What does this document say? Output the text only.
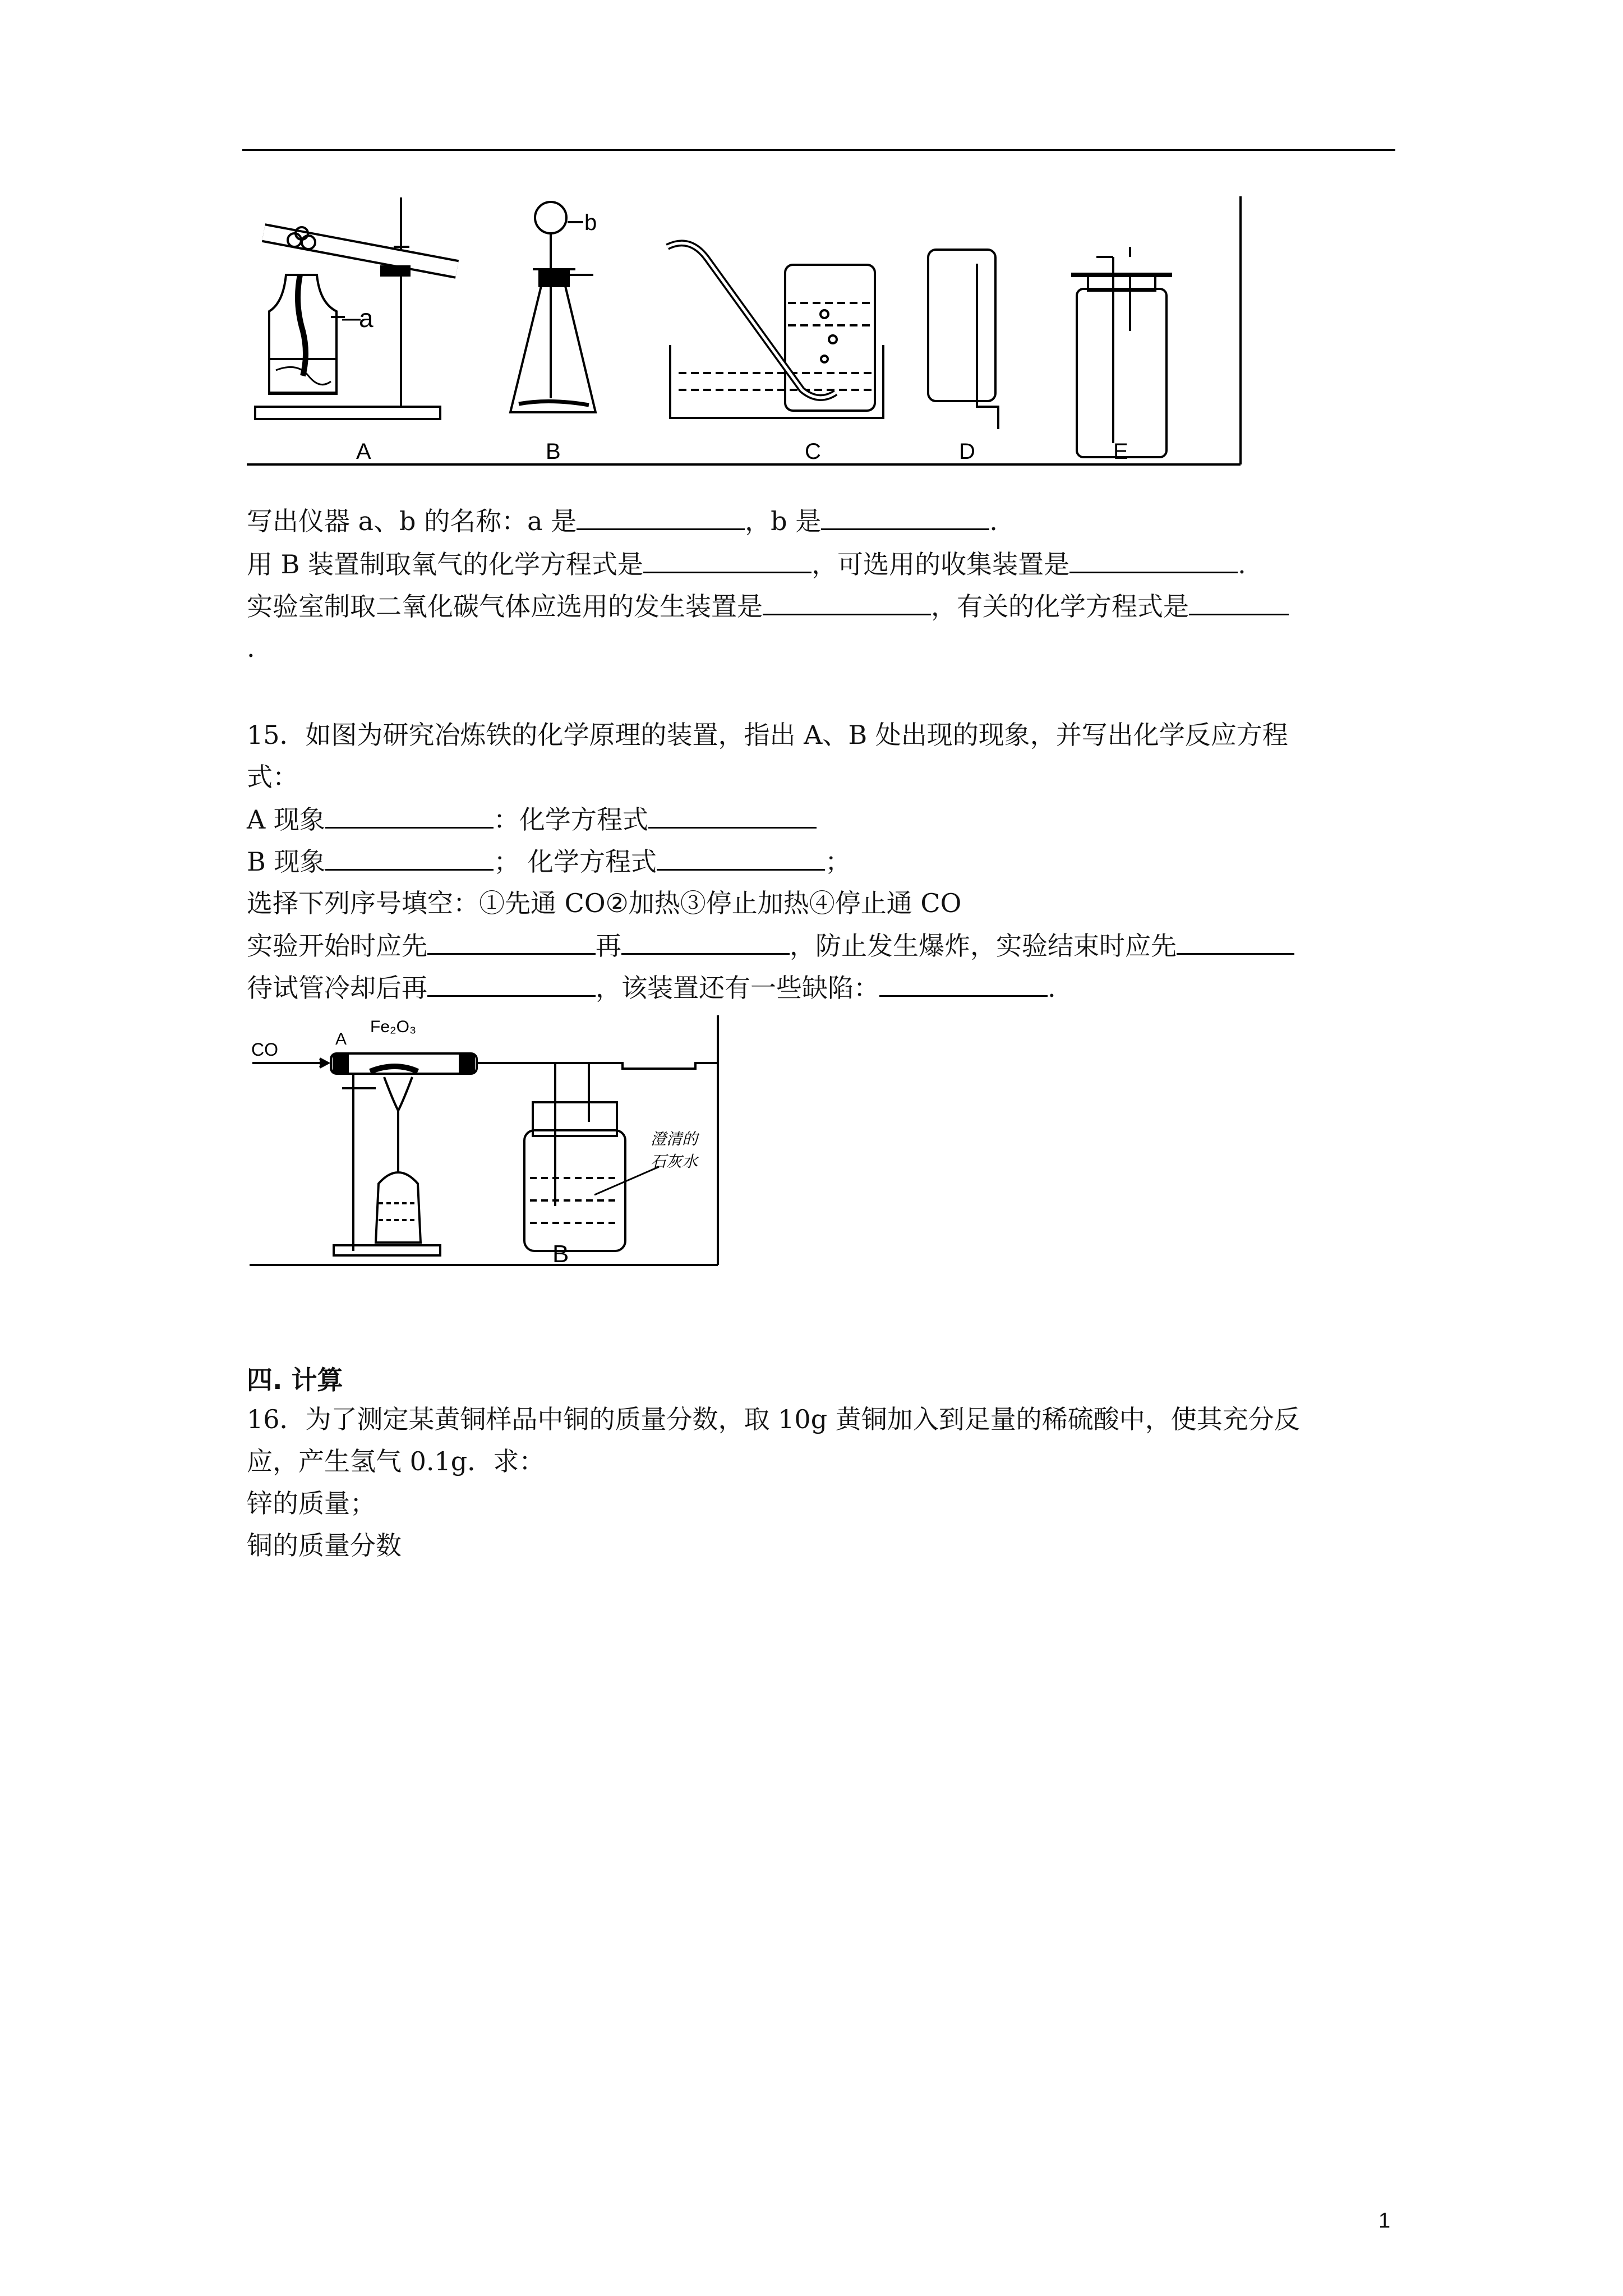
a
b
A	B	C	D	E
写出仪器 a、b 的名称：a 是	，b 是	.
用 B 装置制取氧气的化学方程式是	，可选用的收集装置是	.
实验室制取二氧化碳气体应选用的发生装置是	，有关的化学方程式是
.
15．如图为研究冶炼铁的化学原理的装置，指出 A、B 处出现的现象，并写出化学反应方程
式：
A 现象	：化学方程式
B 现象	； 化学方程式	；
选择下列序号填空：①先通 CO②加热③停止加热④停止通 CO
实验开始时应先	再	，防止发生爆炸，实验结束时应先
待试管冷却后再	，该装置还有一些缺陷：	.
CO
A
Fe₂O₃
澄清的
石灰水
B
四. 计算
16．为了测定某黄铜样品中铜的质量分数，取 10g 黄铜加入到足量的稀硫酸中，使其充分反
应，产生氢气 0.1g．求：
锌的质量；
铜的质量分数
1
